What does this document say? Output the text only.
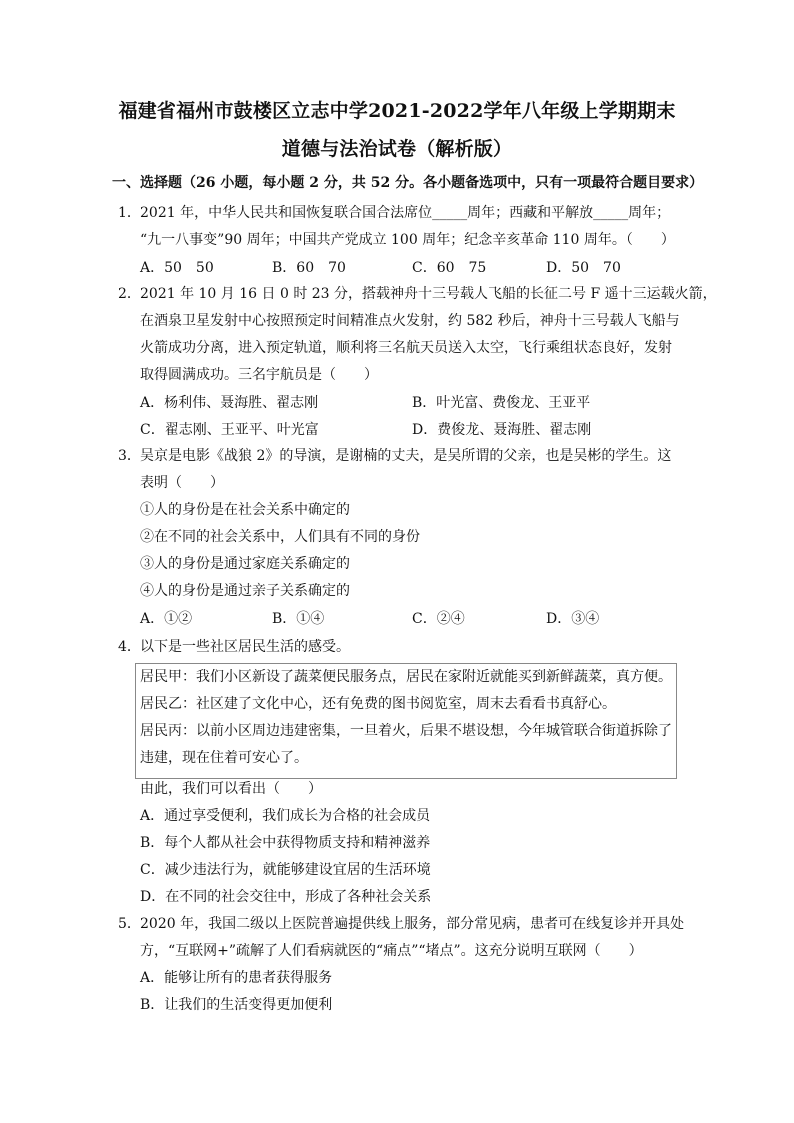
福建省福州市鼓楼区立志中学2021-2022学年八年级上学期期末
道德与法治试卷（解析版）
一、选择题（26 小题，每小题 2 分，共 52 分。各小题备选项中，只有一项最符合题目要求）
1．2021 年，中华人民共和国恢复联合国合法席位_____周年；西藏和平解放_____周年；
“九一八事变”90 周年；中国共产党成立 100 周年；纪念辛亥革命 110 周年。（　　）
A．50　50	B．60　70	C．60　75	D．50　70
2．2021 年 10 月 16 日 0 时 23 分，搭载神舟十三号载人飞船的长征二号 F 遥十三运载火箭，
在酒泉卫星发射中心按照预定时间精准点火发射，约 582 秒后，神舟十三号载人飞船与
火箭成功分离，进入预定轨道，顺利将三名航天员送入太空，飞行乘组状态良好，发射
取得圆满成功。三名宇航员是（　　）
A．杨利伟、聂海胜、翟志刚	B．叶光富、费俊龙、王亚平
C．翟志刚、王亚平、叶光富	D．费俊龙、聂海胜、翟志刚
3．吴京是电影《战狼 2》的导演，是谢楠的丈夫，是吴所谓的父亲，也是吴彬的学生。这
表明（　　）
①人的身份是在社会关系中确定的
②在不同的社会关系中，人们具有不同的身份
③人的身份是通过家庭关系确定的
④人的身份是通过亲子关系确定的
A．①②	B．①④	C．②④	D．③④
4．以下是一些社区居民生活的感受。
居民甲：我们小区新设了蔬菜便民服务点，居民在家附近就能买到新鲜蔬菜，真方便。
居民乙：社区建了文化中心，还有免费的图书阅览室，周末去看看书真舒心。
居民丙：以前小区周边违建密集，一旦着火，后果不堪设想，今年城管联合街道拆除了
违建，现在住着可安心了。
由此，我们可以看出（　　）
A．通过享受便利，我们成长为合格的社会成员
B．每个人都从社会中获得物质支持和精神滋养
C．减少违法行为，就能够建设宜居的生活环境
D．在不同的社会交往中，形成了各种社会关系
5．2020 年，我国二级以上医院普遍提供线上服务，部分常见病，患者可在线复诊并开具处
方，“互联网+”疏解了人们看病就医的“痛点”“堵点”。这充分说明互联网（　　）
A．能够让所有的患者获得服务
B．让我们的生活变得更加便利
